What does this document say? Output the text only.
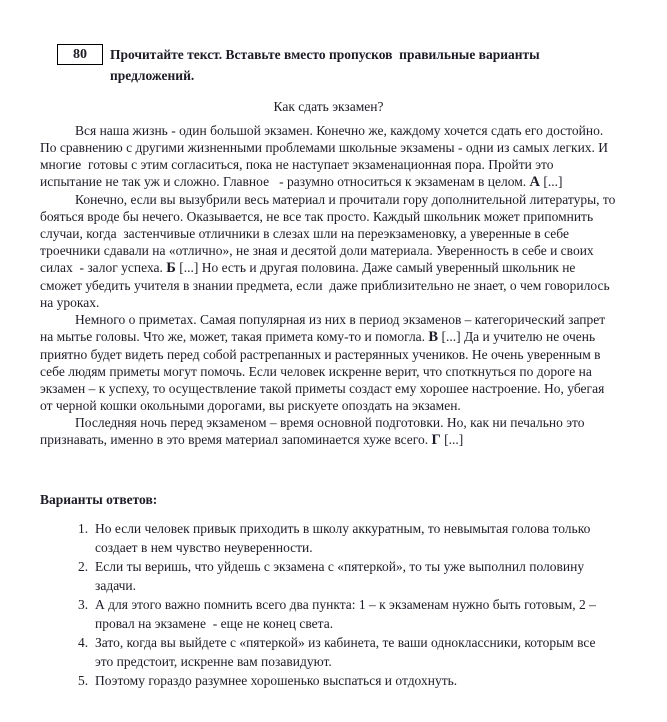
80 Прочитайте текст. Вставьте вместо пропусков  правильные варианты предложений.
Как сдать экзамен?

Вся наша жизнь - один большой экзамен. Конечно же, каждому хочется сдать его достойно. По сравнению с другими жизненными проблемами школьные экзамены - одни из самых легких. И многие  готовы с этим согласиться, пока не наступает экзаменационная пора. Пройти это испытание не так уж и сложно. Главное   - разумно относиться к экзаменам в целом. А [...]

Конечно, если вы вызубрили весь материал и прочитали гору дополнительной литературы, то бояться вроде бы нечего. Оказывается, не все так просто. Каждый школьник может припомнить случаи, когда  застенчивые отличники в слезах шли на переэкзаменовку, а уверенные в себе троечники сдавали на «отлично», не зная и десятой доли материала. Уверенность в себе и своих силах  - залог успеха. Б [...] Но есть и другая половина. Даже самый уверенный школьник не сможет убедить учителя в знании предмета, если  даже приблизительно не знает, о чем говорилось на уроках.

Немного о приметах. Самая популярная из них в период экзаменов – категорический запрет на мытье головы. Что же, может, такая примета кому-то и помогла. В [...] Да и учителю не очень приятно будет видеть перед собой растрепанных и растерянных учеников. Не очень уверенным в себе людям приметы могут помочь. Если человек искренне верит, что споткнуться по дороге на экзамен – к успеху, то осуществление такой приметы создаст ему хорошее настроение. Но, убегая от черной кошки окольными дорогами, вы рискуете опоздать на экзамен.

Последняя ночь перед экзаменом – время основной подготовки. Но, как ни печально это признавать, именно в это время материал запоминается хуже всего. Г [...]

Варианты ответов:
1. Но если человек привык приходить в школу аккуратным, то невымытая голова только создает в нем чувство неуверенности.
2. Если ты веришь, что уйдешь с экзамена с «пятеркой», то ты уже выполнил половину задачи.
3. А для этого важно помнить всего два пункта: 1 – к экзаменам нужно быть готовым, 2 – провал на экзамене  - еще не конец света.
4. Зато, когда вы выйдете с «пятеркой» из кабинета, те ваши одноклассники, которым все это предстоит, искренне вам позавидуют.
5. Поэтому гораздо разумнее хорошенько выспаться и отдохнуть.
